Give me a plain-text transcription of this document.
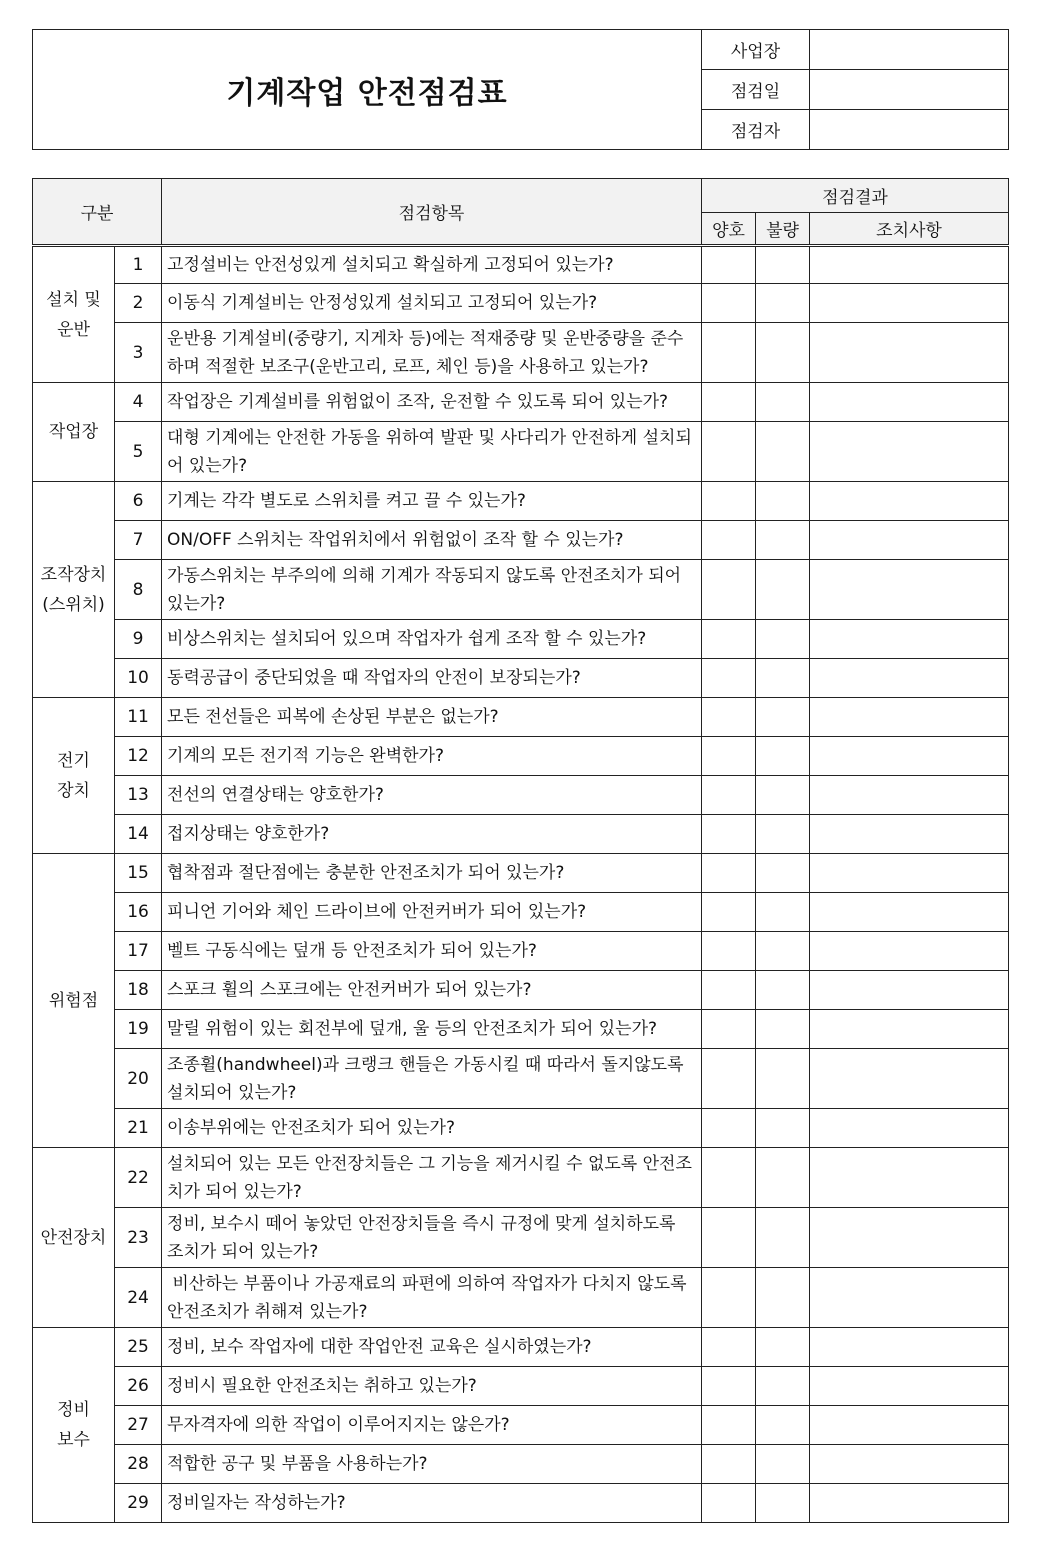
기계작업 안전점검표	사업장	
	점검일	
	점검자	
구분		점검항목	점검결과		
			양호	불량	조치사항
설치 및
운반	1	고정설비는 안전성있게 설치되고 확실하게 고정되어 있는가?			
	2	이동식 기계설비는 안정성있게 설치되고 고정되어 있는가?			
	3	운반용 기계설비(중량기, 지게차 등)에는 적재중량 및 운반중량을 준수하며 적절한 보조구(운반고리, 로프, 체인 등)을 사용하고 있는가?			
작업장	4	작업장은 기계설비를 위험없이 조작, 운전할 수 있도록 되어 있는가?			
	5	대형 기계에는 안전한 가동을 위하여 발판 및 사다리가 안전하게 설치되어 있는가?			
조작장치
(스위치)	6	기계는 각각 별도로 스위치를 켜고 끌 수 있는가?			
	7	ON/OFF 스위치는 작업위치에서 위험없이 조작 할 수 있는가?			
	8	가동스위치는 부주의에 의해 기계가 작동되지 않도록 안전조치가 되어 있는가?			
	9	비상스위치는 설치되어 있으며 작업자가 쉽게 조작 할 수 있는가?			
	10	동력공급이 중단되었을 때 작업자의 안전이 보장되는가?			
전기
장치	11	모든 전선들은 피복에 손상된 부분은 없는가?			
	12	기계의 모든 전기적 기능은 완벽한가?			
	13	전선의 연결상태는 양호한가?			
	14	접지상태는 양호한가?			
위험점	15	협착점과 절단점에는 충분한 안전조치가 되어 있는가?			
	16	피니언 기어와 체인 드라이브에 안전커버가 되어 있는가?			
	17	벨트 구동식에는 덮개 등 안전조치가 되어 있는가?			
	18	스포크 휠의 스포크에는 안전커버가 되어 있는가?			
	19	말릴 위험이 있는 회전부에 덮개, 울 등의 안전조치가 되어 있는가?			
	20	조종휠(handwheel)과 크랭크 핸들은 가동시킬 때 따라서 돌지않도록 설치되어 있는가?			
	21	이송부위에는 안전조치가 되어 있는가?			
안전장치	22	설치되어 있는 모든 안전장치들은 그 기능을 제거시킬 수 없도록 안전조치가 되어 있는가?			
	23	정비, 보수시 떼어 놓았던 안전장치들을 즉시 규정에 맞게 설치하도록 조치가 되어 있는가?			
	24	비산하는 부품이나 가공재료의 파편에 의하여 작업자가 다치지 않도록 안전조치가 취해져 있는가?			
정비
보수	25	정비, 보수 작업자에 대한 작업안전 교육은 실시하였는가?			
	26	정비시 필요한 안전조치는 취하고 있는가?			
	27	무자격자에 의한 작업이 이루어지지는 않은가?			
	28	적합한 공구 및 부품을 사용하는가?			
	29	정비일자는 작성하는가?			
